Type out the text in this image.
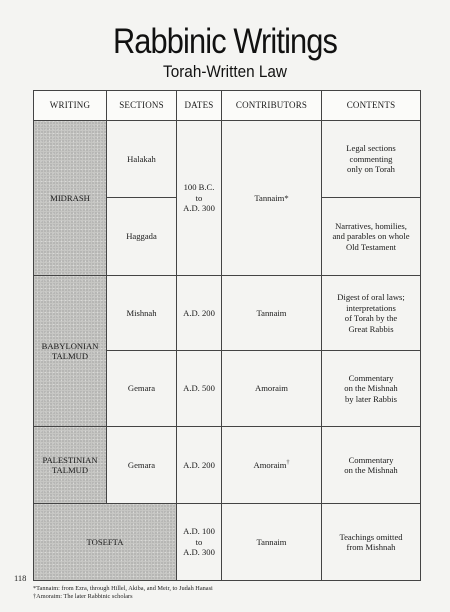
Rabbinic Writings
Torah-Written Law
WRITING	SECTIONS	DATES	CONTRIBUTORS	CONTENTS
MIDRASH	Halakah	100 B.C.
to
A.D. 300	Tannaim*	Legal sections
commenting
only on Torah

	Haggada			Narratives, homilies,
and parables on whole
Old Testament

BABYLONIAN
TALMUD	Mishnah	A.D. 200	Tannaim	Digest of oral laws;
interpretations
of Torah by the
Great Rabbis

	Gemara	A.D. 500	Amoraim	Commentary
on the Mishnah
by later Rabbis

PALESTINIAN
TALMUD	Gemara	A.D. 200	Amoraim†	Commentary
on the Mishnah

TOSEFTA		A.D. 100
to
A.D. 300	Tannaim	Teachings omitted
from Mishnah
118
*Tannaim: from Ezra, through Hillel, Akiba, and Meir, to Judah Hanasi
†Amoraim: The later Rabbinic scholars
